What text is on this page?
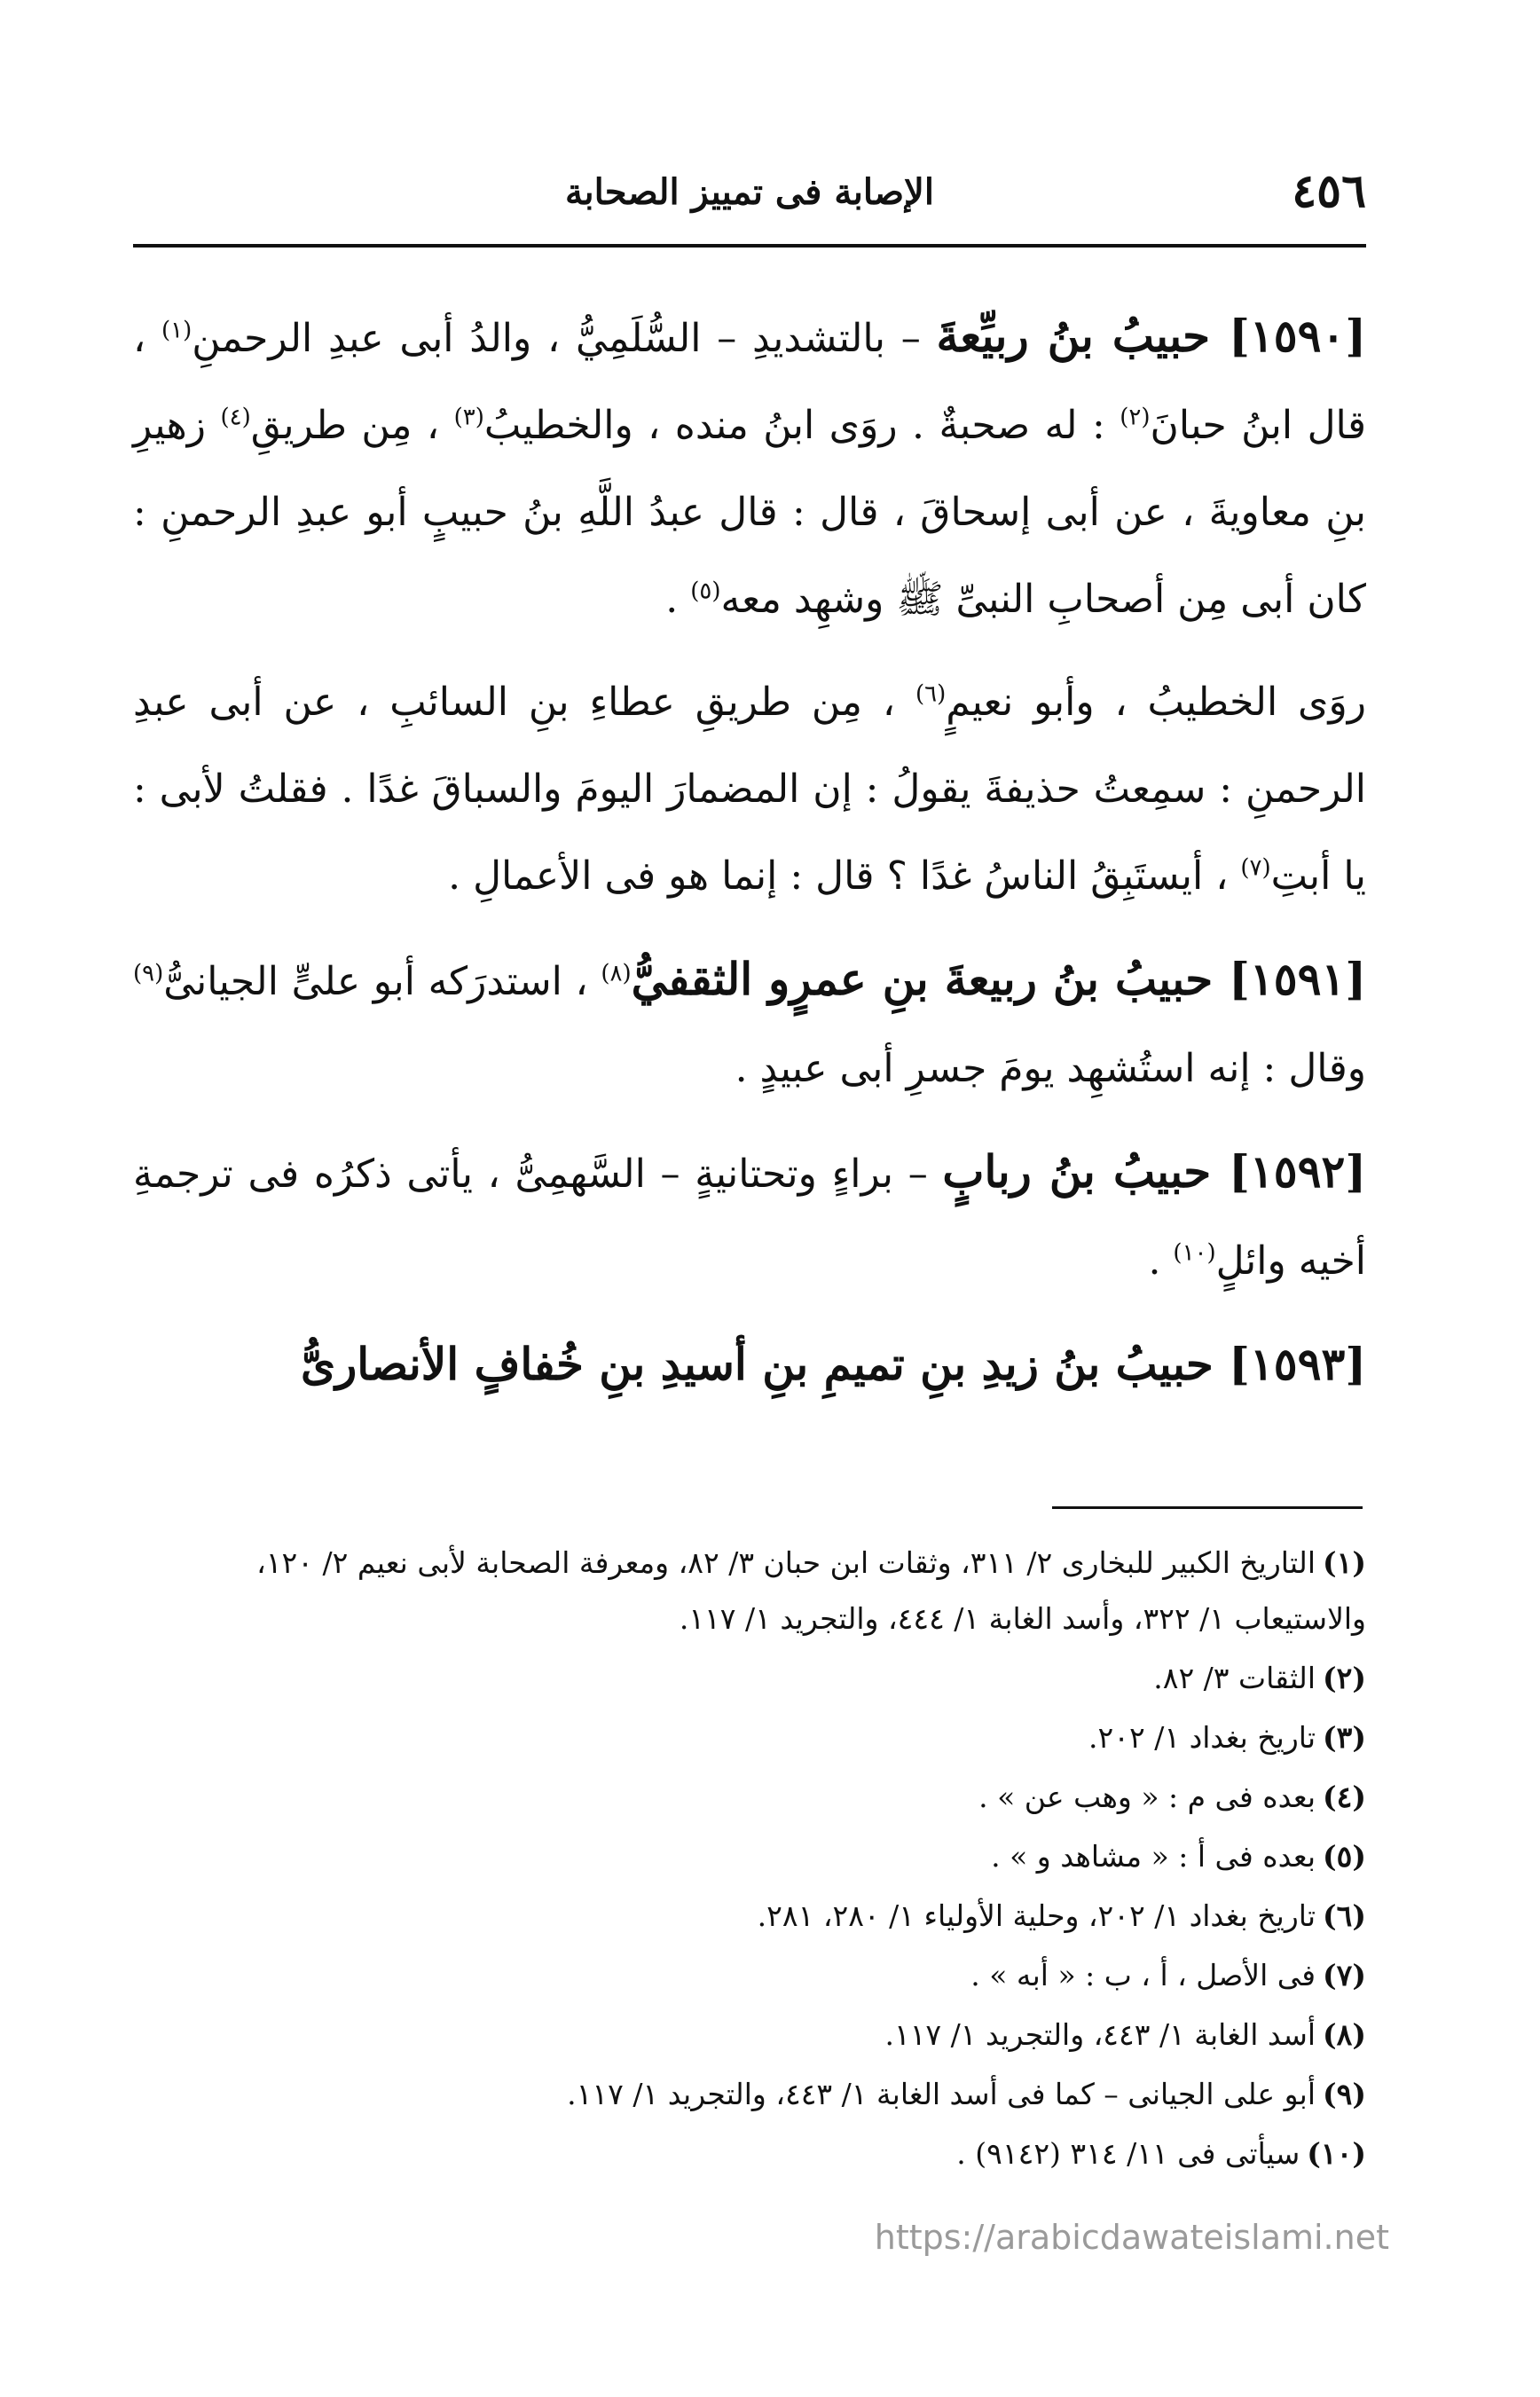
٤٥٦
الإصابة فى تمييز الصحابة

[١٥٩٠] حبيبُ بنُ ربيِّعةَ – بالتشديدِ – السُّلَمِيُّ ، والدُ أبى عبدِ الرحمنِ$^{(١)}$ ، قال ابنُ حبانَ$^{(٢)}$ : له صحبةٌ . روَى ابنُ منده ، والخطيبُ$^{(٣)}$ ، مِن طريقِ$^{(٤)}$ زهيرِ بنِ معاويةَ ، عن أبى إسحاقَ ، قال : قال عبدُ اللَّهِ بنُ حبيبٍ أبو عبدِ الرحمنِ : كان أبى مِن أصحابِ النبىِّ ﷺ وشهِد معه$^{(٥)}$ .

روَى الخطيبُ ، وأبو نعيمٍ$^{(٦)}$ ، مِن طريقِ عطاءِ بنِ السائبِ ، عن أبى عبدِ الرحمنِ : سمِعتُ حذيفةَ يقولُ : إن المضمارَ اليومَ والسباقَ غدًا . فقلتُ لأبى : يا أبتِ$^{(٧)}$ ، أيستَبِقُ الناسُ غدًا ؟ قال : إنما هو فى الأعمالِ .

[١٥٩١] حبيبُ بنُ ربيعةَ بنِ عمرٍو الثقفيُّ$^{(٨)}$ ، استدرَكه أبو علىٍّ الجيانىُّ$^{(٩)}$ وقال : إنه استُشهِد يومَ جسرِ أبى عبيدٍ .

[١٥٩٢] حبيبُ بنُ ربابٍ – براءٍ وتحتانيةٍ – السَّهمِىُّ ، يأتى ذكرُه فى ترجمةِ أخيه وائلٍ$^{(١٠)}$ .

[١٥٩٣] حبيبُ بنُ زيدِ بنِ تميمِ بنِ أسيدِ بنِ خُفافٍ الأنصارىُّ

(١)التاريخ الكبير للبخارى ٢/ ٣١١، وثقات ابن حبان ٣/ ٨٢، ومعرفة الصحابة لأبى نعيم ٢/ ١٢٠، والاستيعاب ١/ ٣٢٢، وأسد الغابة ١/ ٤٤٤، والتجريد ١/ ١١٧.
(٢)الثقات ٣/ ٨٢.
(٣)تاريخ بغداد ١/ ٢٠٢.
(٤)بعده فى م : « وهب عن » .
(٥)بعده فى أ : « مشاهد و » .
(٦)تاريخ بغداد ١/ ٢٠٢، وحلية الأولياء ١/ ٢٨٠، ٢٨١.
(٧)فى الأصل ، أ ، ب : « أبه » .
(٨)أسد الغابة ١/ ٤٤٣، والتجريد ١/ ١١٧.
(٩)أبو على الجيانى – كما فى أسد الغابة ١/ ٤٤٣، والتجريد ١/ ١١٧.
(١٠)سيأتى فى ١١/ ٣١٤ (٩١٤٢) .
https://arabicdawateislami.net
